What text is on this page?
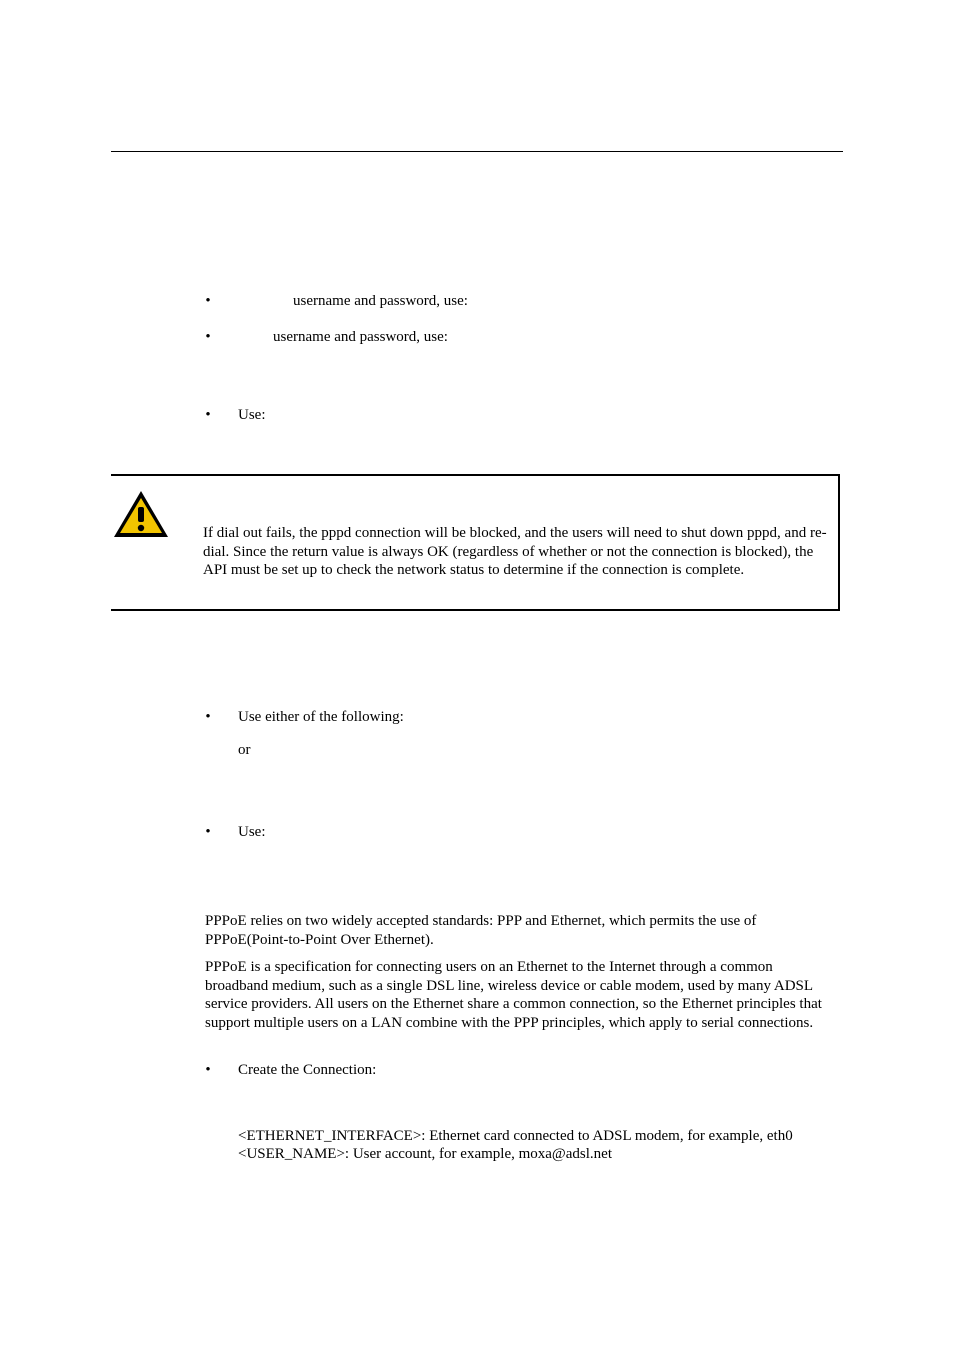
•	username and password, use:
•	username and password, use:
• Use:
If dial out fails, the pppd connection will be blocked, and the users will need to shut down pppd, and re-dial. Since the return value is always OK (regardless of whether or not the connection is blocked), the API must be set up to check the network status to determine if the connection is complete.
• Use either of the following:
or
• Use:
PPPoE relies on two widely accepted standards: PPP and Ethernet, which permits the use of PPPoE(Point-to-Point Over Ethernet).
PPPoE is a specification for connecting users on an Ethernet to the Internet through a common broadband medium, such as a single DSL line, wireless device or cable modem, used by many ADSL service providers. All users on the Ethernet share a common connection, so the Ethernet principles that support multiple users on a LAN combine with the PPP principles, which apply to serial connections.
• Create the Connection:
<ETHERNET_INTERFACE>: Ethernet card connected to ADSL modem, for example, eth0
<USER_NAME>: User account, for example, moxa@adsl.net
